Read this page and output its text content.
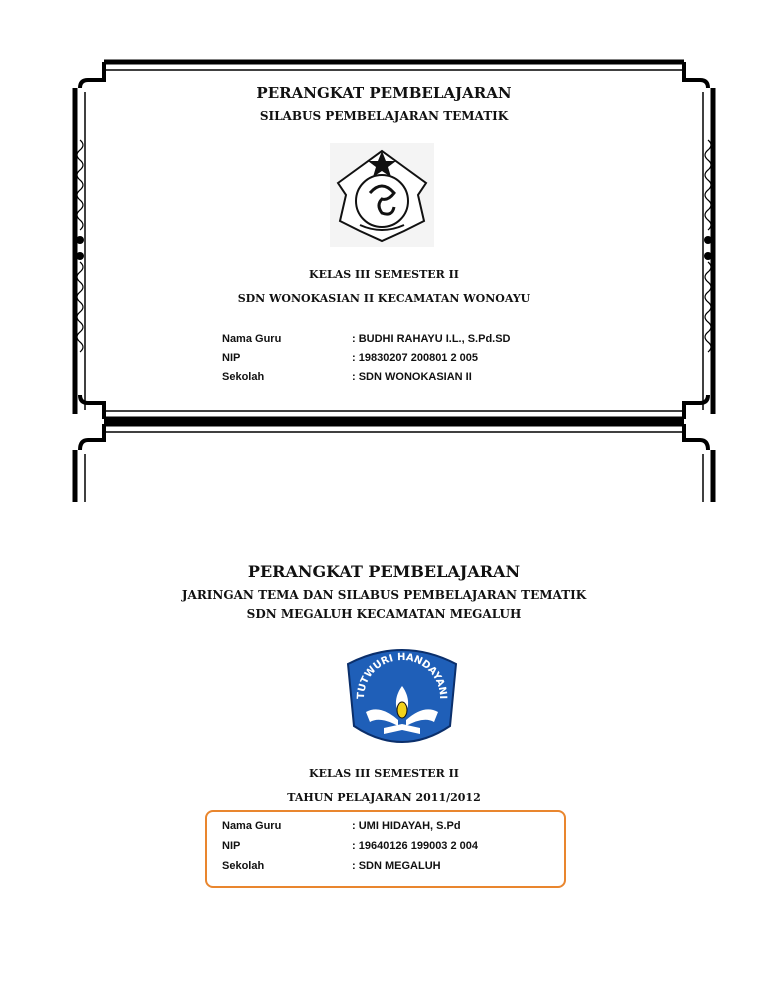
PERANGKAT PEMBELAJARAN
SILABUS PEMBELAJARAN TEMATIK
KELAS III SEMESTER II
SDN WONOKASIAN II KECAMATAN WONOAYU
Nama Guru	: BUDHI RAHAYU I.L., S.Pd.SD
NIP	: 19830207 200801 2 005
Sekolah	: SDN WONOKASIAN II
PERANGKAT PEMBELAJARAN
JARINGAN TEMA DAN SILABUS PEMBELAJARAN TEMATIK
SDN MEGALUH KECAMATAN MEGALUH
TUTWURI HANDAYANI
KELAS III SEMESTER II
TAHUN PELAJARAN 2011/2012
Nama Guru	: UMI HIDAYAH, S.Pd
NIP	: 19640126 199003 2 004
Sekolah	: SDN MEGALUH
